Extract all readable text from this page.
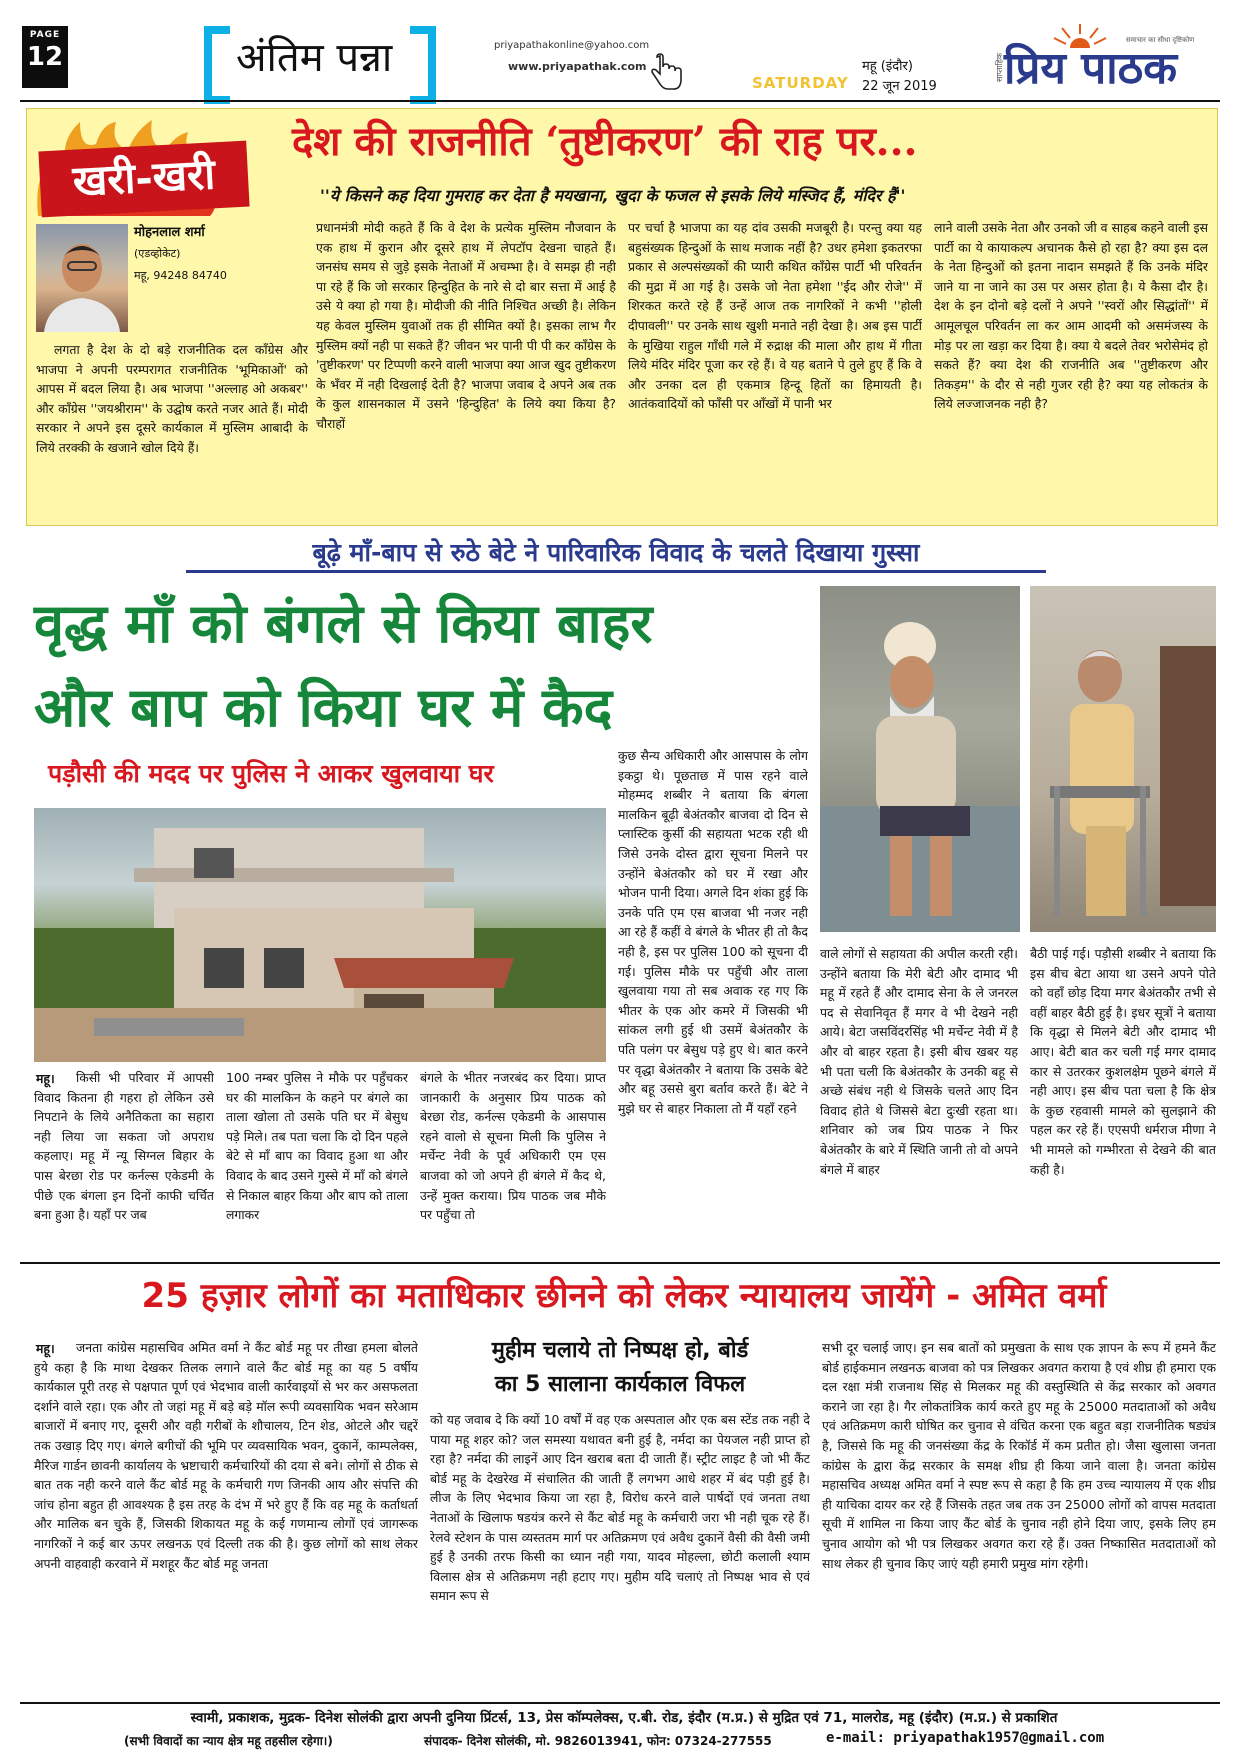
PAGE
12	अंतिम पन्ना	priyapathakonline@yahoo.com
www.priyapathak.com
SATURDAY
महू (इंदौर)
22 जून 2019
साप्ताहिक प्रिय पाठक
समाचार का सीधा दृष्टिकोण
खरी-खरी
देश की राजनीति ‘तुष्टीकरण’ की राह पर...
''ये किसने कह दिया गुमराह कर देता है मयखाना, खुदा के फजल से इसके लिये मस्जिद हैं, मंदिर हैं''
मोहनलाल शर्मा
(एडव्होकेट)
महू, 94248 84740

लगता है देश के दो बड़े राजनीतिक दल कॉंग्रेस और भाजपा ने अपनी परम्परागत राजनीतिक 'भूमिकाओं' को आपस में बदल लिया है। अब भाजपा ''अल्लाह ओ अकबर'' और कॉंग्रेस ''जयश्रीराम'' के उद्घोष करते नजर आते हैं। मोदी सरकार ने अपने इस दूसरे कार्यकाल में मुस्लिम आबादी के लिये तरक्की के खजाने खोल दिये हैं।

प्रधानमंत्री मोदी कहते हैं कि वे देश के प्रत्येक मुस्लिम नौजवान के एक हाथ में कुरान और दूसरे हाथ में लेपटॉप देखना चाहते हैं। जनसंघ समय से जुड़े इसके नेताओं में अचम्भा है। वे समझ ही नही पा रहे हैं कि जो सरकार हिन्दुहित के नारे से दो बार सत्ता में आई है उसे ये क्या हो गया है। मोदीजी की नीति निश्चित अच्छी है। लेकिन यह केवल मुस्लिम युवाओं तक ही सीमित क्यों है। इसका लाभ गैर मुस्लिम क्यों नही पा सकते हैं? जीवन भर पानी पी पी कर कॉंग्रेस के 'तुष्टीकरण' पर टिप्पणी करने वाली भाजपा क्या आज खुद तुष्टीकरण के भँवर में नही दिखलाई देती है? भाजपा जवाब दे अपने अब तक के कुल शासनकाल में उसने 'हिन्दुहित' के लिये क्या किया है? चौराहों

पर चर्चा है भाजपा का यह दांव उसकी मजबूरी है। परन्तु क्या यह बहुसंख्यक हिन्दुओं के साथ मजाक नहीं है? उधर हमेशा इकतरफा प्रकार से अल्पसंख्यकों की प्यारी कथित कॉंग्रेस पार्टी भी परिवर्तन की मुद्रा में आ गई है। उसके जो नेता हमेशा ''ईद और रोजे'' में शिरकत करते रहे हैं उन्हें आज तक नागरिकों ने कभी ''होली दीपावली'' पर उनके साथ खुशी मनाते नही देखा है। अब इस पार्टी के मुखिया राहुल गाँधी गले में रुद्राक्ष की माला और हाथ में गीता लिये मंदिर मंदिर पूजा कर रहे हैं। वे यह बताने पे तुले हुए हैं कि वे और उनका दल ही एकमात्र हिन्दू हितों का हिमायती है। आतंकवादियों को फाँसी पर ऑंखों में पानी भर

लाने वाली उसके नेता और उनको जी व साहब कहने वाली इस पार्टी का ये कायाकल्प अचानक कैसे हो रहा है? क्या इस दल के नेता हिन्दुओं को इतना नादान समझते हैं कि उनके मंदिर जाने या ना जाने का उस पर असर होता है। ये कैसा दौर है। देश के इन दोनो बड़े दलों ने अपने ''स्वरों और सिद्धांतों'' में आमूलचूल परिवर्तन ला कर आम आदमी को असमंजस्य के मोड़ पर ला खड़ा कर दिया है। क्या ये बदले तेवर भरोसेमंद हो सकते हैं? क्या देश की राजनीति अब ''तुष्टीकरण और तिकड़म'' के दौर से नही गुजर रही है? क्या यह लोकतंत्र के लिये लज्जाजनक नही है?

बूढ़े माँ-बाप से रुठे बेटे ने पारिवारिक विवाद के चलते दिखाया गुस्सा
वृद्ध माँ को बंगले से किया बाहर
और बाप को किया घर में कैद
पड़ौसी की मदद पर पुलिस ने आकर खुलवाया घर
महू।	किसी भी परिवार में आपसी विवाद कितना ही गहरा हो लेकिन उसे निपटाने के लिये अनैतिकता का सहारा नही लिया जा सकता जो अपराध कहलाए। महू में न्यू सिग्नल बिहार के पास बेरछा रोड पर कर्नल्स एकेडमी के पीछे एक बंगला इन दिनों काफी चर्चित बना हुआ है। यहाँ पर जब

100 नम्बर पुलिस ने मौके पर पहुँचकर घर की मालकिन के कहने पर बंगले का ताला खोला तो उसके पति घर में बेसुध पड़े मिले। तब पता चला कि दो दिन पहले बेटे से माँ बाप का विवाद हुआ था और विवाद के बाद उसने गुस्से में माँ को बंगले से निकाल बाहर किया और बाप को ताला लगाकर

बंगले के भीतर नजरबंद कर दिया। प्राप्त जानकारी के अनुसार प्रिय पाठक को बेरछा रोड, कर्नल्स एकेडमी के आसपास रहने वालो से सूचना मिली कि पुलिस ने मर्चेन्ट नेवी के पूर्व अधिकारी एम एस बाजवा को जो अपने ही बंगले में कैद थे, उन्हें मुक्त कराया। प्रिय पाठक जब मौके पर पहुँचा तो

कुछ सैन्य अधिकारी और आसपास के लोग इकट्ठा थे। पूछताछ में पास रहने वाले मोहम्मद शब्बीर ने बताया कि बंगला मालकिन बूढ़ी बेअंतकौर बाजवा दो दिन से प्लास्टिक कुर्सी की सहायता भटक रही थी जिसे उनके दोस्त द्वारा सूचना मिलने पर उन्होंने बेअंतकौर को घर में रखा और भोजन पानी दिया। अगले दिन शंका हुई कि उनके पति एम एस बाजवा भी नजर नही आ रहे हैं कहीं वे बंगले के भीतर ही तो कैद नही है, इस पर पुलिस 100 को सूचना दी गई। पुलिस मौके पर पहुँची और ताला खुलवाया गया तो सब अवाक रह गए कि भीतर के एक ओर कमरे में जिसकी भी सांकल लगी हुई थी उसमें बेअंतकौर के पति पलंग पर बेसुध पड़े हुए थे। बात करने पर वृद्धा बेअंतकौर ने बताया कि उसके बेटे और बहू उससे बुरा बर्ताव करते हैं। बेटे ने मुझे घर से बाहर निकाला तो मैं यहाँ रहने

वाले लोगों से सहायता की अपील करती रही। उन्होंने बताया कि मेरी बेटी और दामाद भी महू में रहते हैं और दामाद सेना के ले जनरल पद से सेवानिवृत हैं मगर वे भी देखने नही आये। बेटा जसविंदरसिंह भी मर्चेन्ट नेवी में है और वो बाहर रहता है। इसी बीच खबर यह भी पता चली कि बेअंतकौर के उनकी बहू से अच्छे संबंध नही थे जिसके चलते आए दिन विवाद होते थे जिससे बेटा दुःखी रहता था। शनिवार को जब प्रिय पाठक ने फिर बेअंतकौर के बारे में स्थिति जानी तो वो अपने बंगले में बाहर

बैठी पाई गई। पड़ौसी शब्बीर ने बताया कि इस बीच बेटा आया था उसने अपने पोते को वहाँ छोड़ दिया मगर बेअंतकौर तभी से वहीं बाहर बैठी हुई है। इधर सूत्रों ने बताया कि वृद्धा से मिलने बेटी और दामाद भी आए। बेटी बात कर चली गई मगर दामाद कार से उतरकर कुशलक्षेम पूछने बंगले में नही आए। इस बीच पता चला है कि क्षेत्र के कुछ रहवासी मामले को सुलझाने की पहल कर रहे हैं। एएसपी धर्मराज मीणा ने भी मामले को गम्भीरता से देखने की बात कही है।

25 हज़ार लोगों का मताधिकार छीनने को लेकर न्यायालय जायेंगे - अमित वर्मा
महू।	जनता कांग्रेस महासचिव अमित वर्मा ने कैंट बोर्ड महू पर तीखा हमला बोलते हुये कहा है कि माथा देखकर तिलक लगाने वाले कैंट बोर्ड महू का यह 5 वर्षीय कार्यकाल पूरी तरह से पक्षपात पूर्ण एवं भेदभाव वाली कार्रवाइयों से भर कर असफलता दर्शाने वाले रहा। एक और तो जहां महू में बड़े बड़े मॉल रूपी व्यवसायिक भवन सरेआम बाजारों में बनाए गए, दूसरी और वही गरीबों के शौचालय, टिन शेड, ओटले और चद्दरें तक उखाड़ दिए गए। बंगले बगीचों की भूमि पर व्यवसायिक भवन, दुकानें, काम्पलेक्स, मैरिज गार्डन छावनी कार्यालय के भ्रष्टाचारी कर्मचारियों की दया से बने। लोगों से ठीक से बात तक नही करने वाले कैंट बोर्ड महू के कर्मचारी गण जिनकी आय और संपत्ति की जांच होना बहुत ही आवश्यक है इस तरह के दंभ में भरे हुए हैं कि वह महू के कर्ताधर्ता और मालिक बन चुके हैं, जिसकी शिकायत महू के कई गणमान्य लोगों एवं जागरूक नागरिकों ने कई बार ऊपर लखनऊ एवं दिल्ली तक की है। कुछ लोगों को साथ लेकर अपनी वाहवाही करवाने में मशहूर कैंट बोर्ड महू जनता

मुहीम चलाये तो निष्पक्ष हो, बोर्ड
का 5 सालाना कार्यकाल विफल

को यह जवाब दे कि क्यों 10 वर्षों में वह एक अस्पताल और एक बस स्टेंड तक नही दे पाया महू शहर को? जल समस्या यथावत बनी हुई है, नर्मदा का पेयजल नही प्राप्त हो रहा है? नर्मदा की लाइनें आए दिन खराब बता दी जाती हैं। स्ट्रीट लाइट है जो भी कैंट बोर्ड महू के देखरेख में संचालित की जाती हैं लगभग आधे शहर में बंद पड़ी हुई है। लीज के लिए भेदभाव किया जा रहा है, विरोध करने वाले पार्षदों एवं जनता तथा नेताओं के खिलाफ षडयंत्र करने से कैंट बोर्ड महू के कर्मचारी जरा भी नही चूक रहे हैं। रेलवे स्टेशन के पास व्यस्ततम मार्ग पर अतिक्रमण एवं अवैध दुकानें वैसी की वैसी जमी हुई है उनकी तरफ किसी का ध्यान नही गया, यादव मोहल्ला, छोटी कलाली श्याम विलास क्षेत्र से अतिक्रमण नही हटाए गए। मुहीम यदि चलाएं तो निष्पक्ष भाव से एवं समान रूप से

सभी दूर चलाई जाए। इन सब बातों को प्रमुखता के साथ एक ज्ञापन के रूप में हमने कैंट बोर्ड हाईकमान लखनऊ बाजवा को पत्र लिखकर अवगत कराया है एवं शीघ्र ही हमारा एक दल रक्षा मंत्री राजनाथ सिंह से मिलकर महू की वस्तुस्थिति से केंद्र सरकार को अवगत कराने जा रहा है। गैर लोकतांत्रिक कार्य करते हुए महू के 25000 मतदाताओं को अवैध एवं अतिक्रमण कारी घोषित कर चुनाव से वंचित करना एक बहुत बड़ा राजनीतिक षड्यंत्र है, जिससे कि महू की जनसंख्या केंद्र के रिकॉर्ड में कम प्रतीत हो। जैसा खुलासा जनता कांग्रेस के द्वारा केंद्र सरकार के समक्ष शीघ्र ही किया जाने वाला है। जनता कांग्रेस महासचिव अध्यक्ष अमित वर्मा ने स्पष्ट रूप से कहा है कि हम उच्च न्यायालय में एक शीघ्र ही याचिका दायर कर रहे हैं जिसके तहत जब तक उन 25000 लोगों को वापस मतदाता सूची में शामिल ना किया जाए कैंट बोर्ड के चुनाव नही होने दिया जाए, इसके लिए हम चुनाव आयोग को भी पत्र लिखकर अवगत करा रहे हैं। उक्त निष्कासित मतदाताओं को साथ लेकर ही चुनाव किए जाएं यही हमारी प्रमुख मांग रहेगी।

स्वामी, प्रकाशक, मुद्रक- दिनेश सोलंकी द्वारा अपनी दुनिया प्रिंटर्स, 13, प्रेस कॉम्पलेक्स, ए.बी. रोड, इंदौर (म.प्र.) से मुद्रित एवं 71, मालरोड, महू (इंदौर) (म.प्र.) से प्रकाशित
(सभी विवादों का न्याय क्षेत्र महू तहसील रहेगा।)	संपादक- दिनेश सोलंकी, मो. 9826013941, फोन: 07324-277555	e-mail: priyapathak1957@gmail.com
